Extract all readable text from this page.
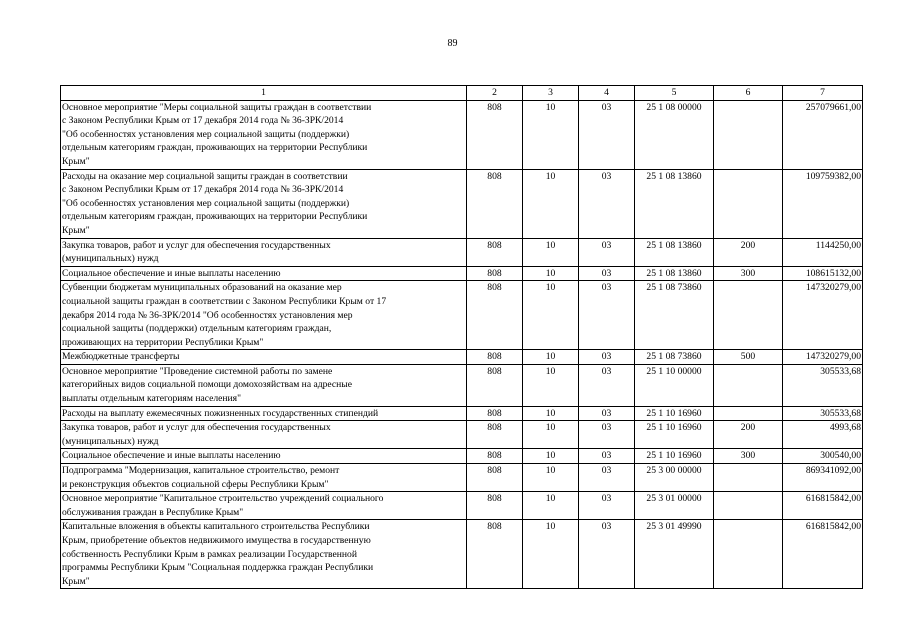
89
1	2	3	4	5	6	7
Основное мероприятие "Меры социальной защиты граждан в соответствии
с Законом Республики Крым от 17 декабря 2014 года № 36-ЗРК/2014
"Об особенностях установления мер социальной защиты (поддержки)
отдельным категориям граждан, проживающих на территории Республики
Крым"	808	10	03	25 1 08 00000		257079661,00
Расходы на оказание мер социальной защиты граждан в соответствии
с Законом Республики Крым от 17 декабря 2014 года № 36-ЗРК/2014
"Об особенностях установления мер социальной защиты (поддержки)
отдельным категориям граждан, проживающих на территории Республики
Крым"	808	10	03	25 1 08 13860		109759382,00
Закупка товаров, работ и услуг для обеспечения государственных
(муниципальных) нужд	808	10	03	25 1 08 13860	200	1144250,00
Социальное обеспечение и иные выплаты населению	808	10	03	25 1 08 13860	300	108615132,00
Субвенции бюджетам муниципальных образований на оказание мер
социальной защиты граждан в соответствии с Законом Республики Крым от 17
декабря 2014 года № 36-ЗРК/2014 "Об особенностях установления мер
социальной защиты (поддержки) отдельным категориям граждан,
проживающих на территории Республики Крым"	808	10	03	25 1 08 73860		147320279,00
Межбюджетные трансферты	808	10	03	25 1 08 73860	500	147320279,00
Основное мероприятие "Проведение системной работы по замене
категорийных видов социальной помощи домохозяйствам на адресные
выплаты отдельным категориям населения"	808	10	03	25 1 10 00000		305533,68
Расходы на выплату ежемесячных пожизненных государственных стипендий	808	10	03	25 1 10 16960		305533,68
Закупка товаров, работ и услуг для обеспечения государственных
(муниципальных) нужд	808	10	03	25 1 10 16960	200	4993,68
Социальное обеспечение и иные выплаты населению	808	10	03	25 1 10 16960	300	300540,00
Подпрограмма "Модернизация, капитальное строительство, ремонт
и реконструкция объектов социальной сферы Республики Крым"	808	10	03	25 3 00 00000		869341092,00
Основное мероприятие "Капитальное строительство учреждений социального
обслуживания граждан в Республике Крым"	808	10	03	25 3 01 00000		616815842,00
Капитальные вложения в объекты капитального строительства Республики
Крым, приобретение объектов недвижимого имущества в государственную
собственность Республики Крым в рамках реализации Государственной
программы Республики Крым "Социальная поддержка граждан Республики
Крым"	808	10	03	25 3 01 49990		616815842,00
